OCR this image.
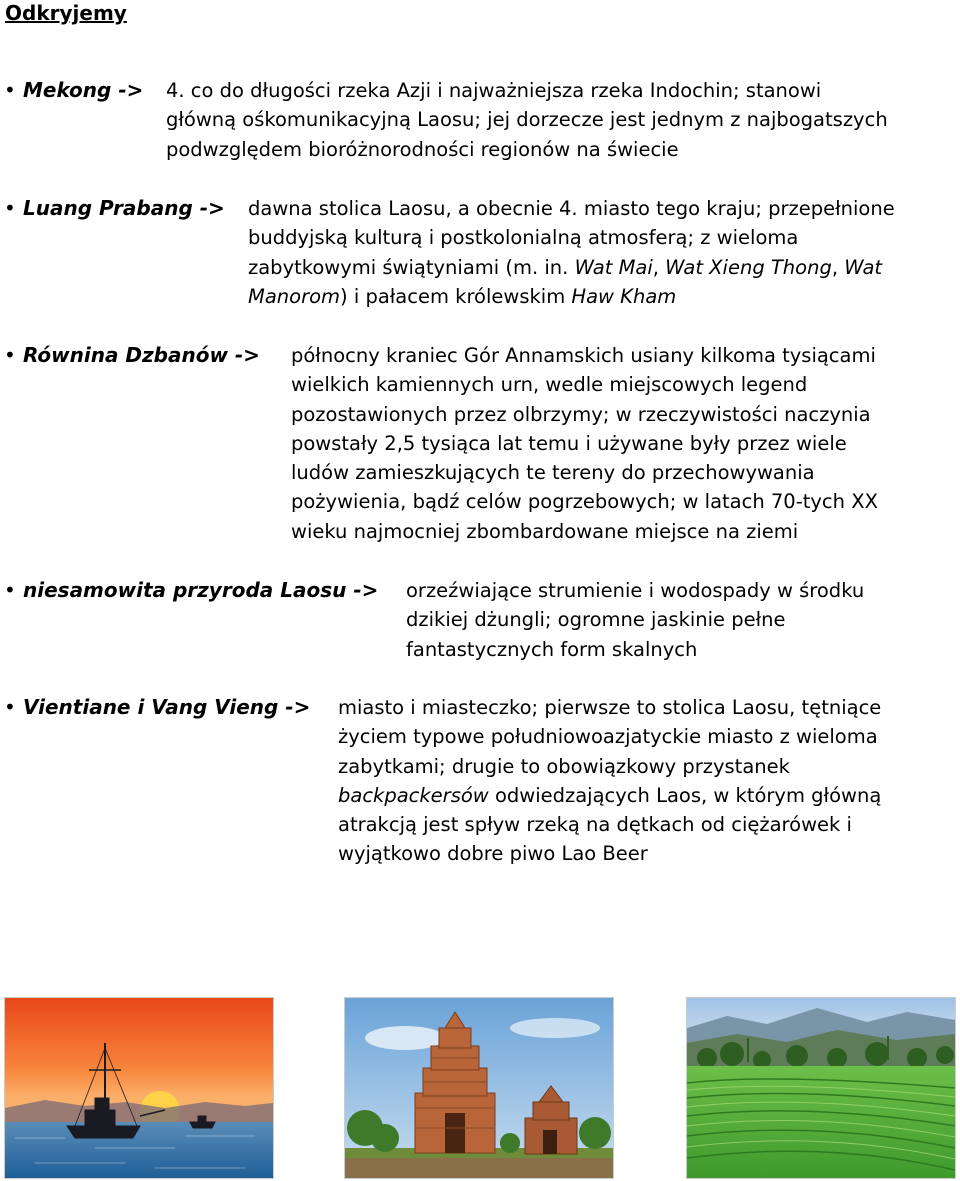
Odkryjemy
• Mekong -> 4. co do długości rzeka Azji i najważniejsza rzeka Indochin; stanowi
główną ośkomunikacyjną Laosu; jej dorzecze jest jednym z najbogatszych
podwzględem bioróżnorodności regionów na świecie
• Luang Prabang -> dawna stolica Laosu, a obecnie 4. miasto tego kraju; przepełnione
buddyjską kulturą i postkolonialną atmosferą; z wieloma
zabytkowymi świątyniami (m. in. Wat Mai, Wat Xieng Thong, Wat
Manorom) i pałacem królewskim Haw Kham
• Równina Dzbanów -> północny kraniec Gór Annamskich usiany kilkoma tysiącami
wielkich kamiennych urn, wedle miejscowych legend
pozostawionych przez olbrzymy; w rzeczywistości naczynia
powstały 2,5 tysiąca lat temu i używane były przez wiele
ludów zamieszkujących te tereny do przechowywania
pożywienia, bądź celów pogrzebowych; w latach 70-tych XX
wieku najmocniej zbombardowane miejsce na ziemi
• niesamowita przyroda Laosu -> orzeźwiające strumienie i wodospady w środku
dzikiej dżungli; ogromne jaskinie pełne
fantastycznych form skalnych
• Vientiane i Vang Vieng -> miasto i miasteczko; pierwsze to stolica Laosu, tętniące
życiem typowe południowoazjatyckie miasto z wieloma
zabytkami; drugie to obowiązkowy przystanek
backpackersów odwiedzających Laos, w którym główną
atrakcją jest spływ rzeką na dętkach od ciężarówek i
wyjątkowo dobre piwo Lao Beer
